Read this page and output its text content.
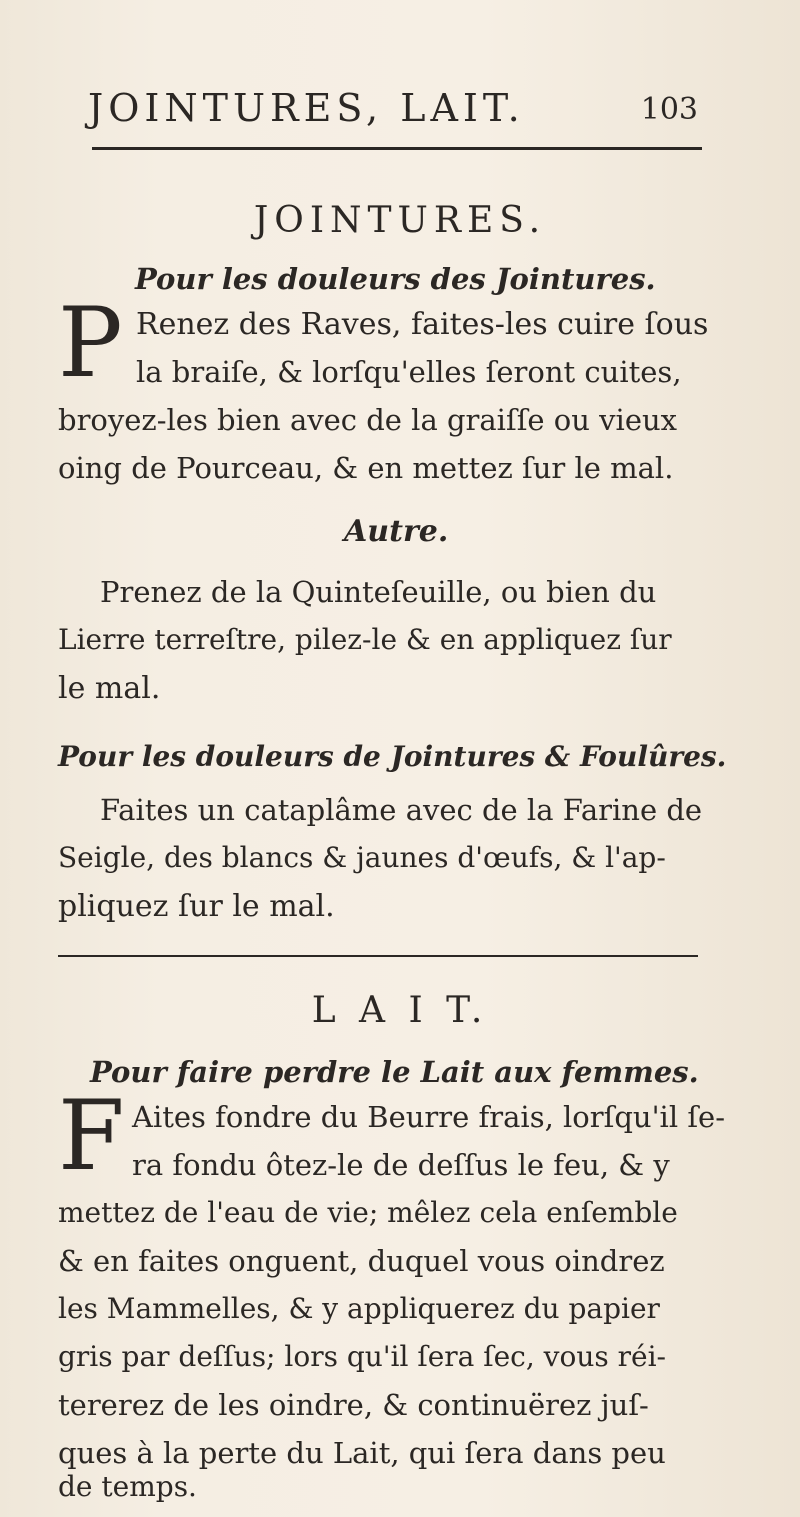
JOINTURES, LAIT.	103
JOINTURES.
Pour les douleurs des Jointures.
P Renez des Raves, faites-les cuire ſous
la braiſe, & lorſqu'elles ſeront cuites,
broyez-les bien avec de la graiſſe ou vieux
oing de Pourceau, & en mettez ſur le mal.
Autre.
Prenez de la Quinteſeuille, ou bien du
Lierre terreſtre, pilez-le & en appliquez ſur
le mal.
Pour les douleurs de Jointures & Foulûres.
Faites un cataplâme avec de la Farine de
Seigle, des blancs & jaunes d'œufs, & l'ap-
pliquez ſur le mal.
L A I T.
Pour faire perdre le Lait aux femmes.
F Aites fondre du Beurre frais, lorſqu'il ſe-
ra fondu ôtez-le de deſſus le feu, & y
mettez de l'eau de vie; mêlez cela enſemble
& en faites onguent, duquel vous oindrez
les Mammelles, & y appliquerez du papier
gris par deſſus; lors qu'il ſera ſec, vous réi-
tererez de les oindre, & continuërez juſ-
ques à la perte du Lait, qui ſera dans peu
de temps.
